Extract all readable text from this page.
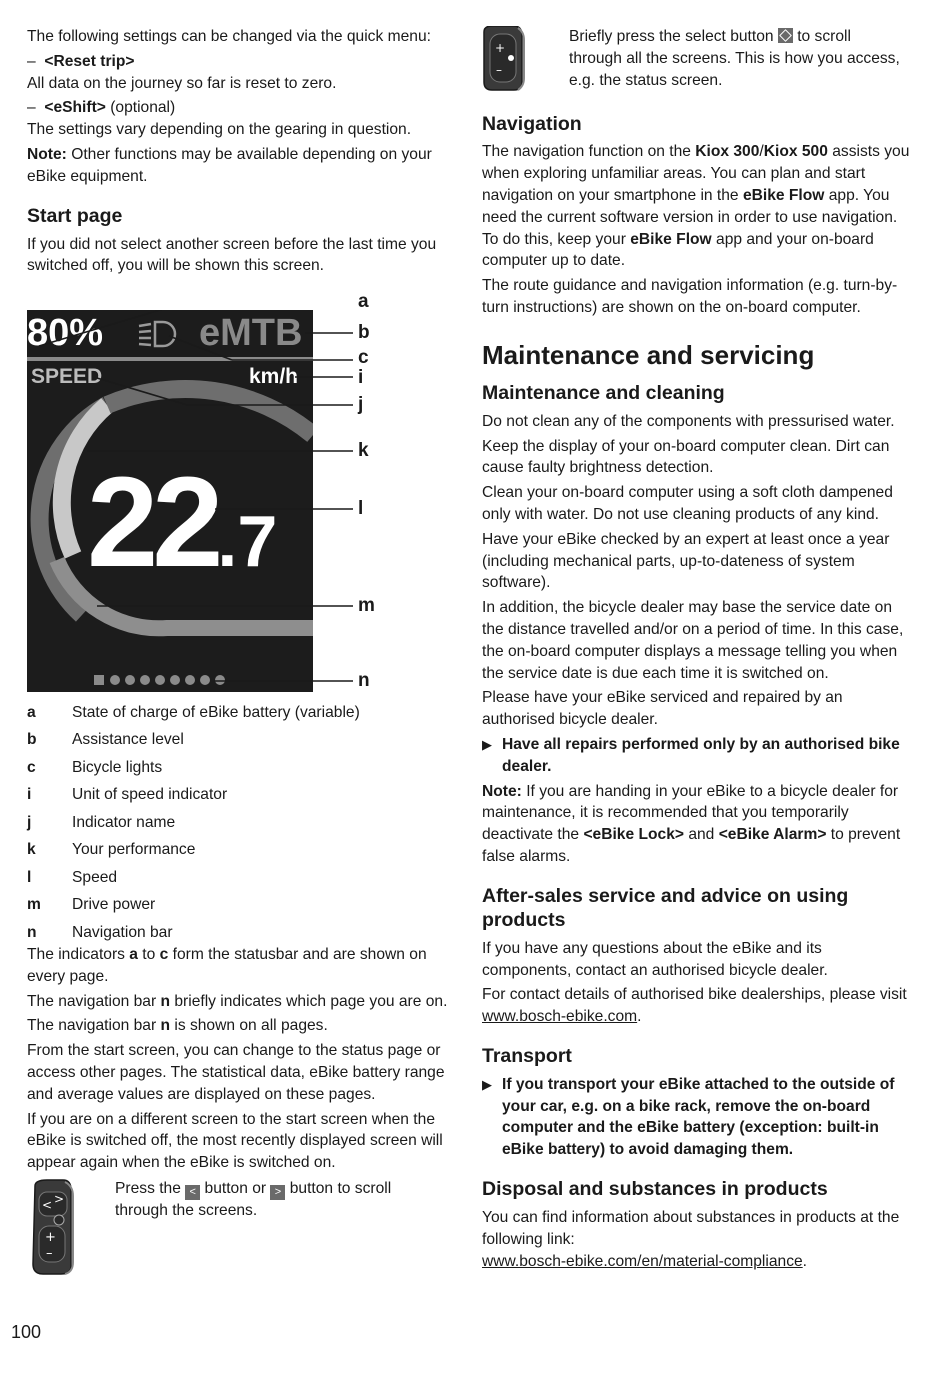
The following settings can be changed via the quick menu:

–  <Reset trip>

All data on the journey so far is reset to zero.

–  <eShift> (optional)

The settings vary depending on the gearing in question.

Note: Other functions may be available depending on your eBike equipment.

Start page

If you did not select another screen before the last time you switched off, you will be shown this screen.

80%	eMTB
SPEED	km/h
22.7
a
b
c
i
j
k
l
m
n
a	State of charge of eBike battery (variable)
b	Assistance level
c	Bicycle lights
i	Unit of speed indicator
j	Indicator name
k	Your performance
l	Speed
m	Drive power
n	Navigation bar

The indicators a to c form the statusbar and are shown on every page.

The navigation bar n briefly indicates which page you are on.

The navigation bar n is shown on all pages.

From the start screen, you can change to the status page or access other pages. The statistical data, eBike battery range and average values are displayed on these pages.

If you are on a different screen to the start screen when the eBike is switched off, the most recently displayed screen will appear again when the eBike is switched on.

< >
+
–

Press the < button or > button to scroll through the screens.

+
–

Briefly press the select button
to scroll through all the screens. This is how you access, e.g. the status screen.

Navigation

The navigation function on the Kiox 300/Kiox 500 assists you when exploring unfamiliar areas. You can plan and start navigation on your smartphone in the eBike Flow app. You need the current software version in order to use navigation. To do this, keep your eBike Flow app and your on-board computer up to date.

The route guidance and navigation information (e.g. turn-by-turn instructions) are shown on the on-board computer.

Maintenance and servicing
Maintenance and cleaning

Do not clean any of the components with pressurised water.

Keep the display of your on-board computer clean. Dirt can cause faulty brightness detection.

Clean your on-board computer using a soft cloth dampened only with water. Do not use cleaning products of any kind.

Have your eBike checked by an expert at least once a year (including mechanical parts, up-to-dateness of system software).

In addition, the bicycle dealer may base the service date on the distance travelled and/or on a period of time. In this case, the on-board computer displays a message telling you when the service date is due each time it is switched on.

Please have your eBike serviced and repaired by an authorised bicycle dealer.

▶ Have all repairs performed only by an authorised bike dealer.

Note: If you are handing in your eBike to a bicycle dealer for maintenance, it is recommended that you temporarily deactivate the <eBike Lock> and <eBike Alarm> to prevent false alarms.

After-sales service and advice on using products

If you have any questions about the eBike and its components, contact an authorised bicycle dealer.

For contact details of authorised bike dealerships, please visit www.bosch-ebike.com.

Transport
▶ If you transport your eBike attached to the outside of your car, e.g. on a bike rack, remove the on-board computer and the eBike battery (exception: built-in eBike battery) to avoid damaging them.
Disposal and substances in products

You can find information about substances in products at the following link:
www.bosch-ebike.com/en/material-compliance.

100
